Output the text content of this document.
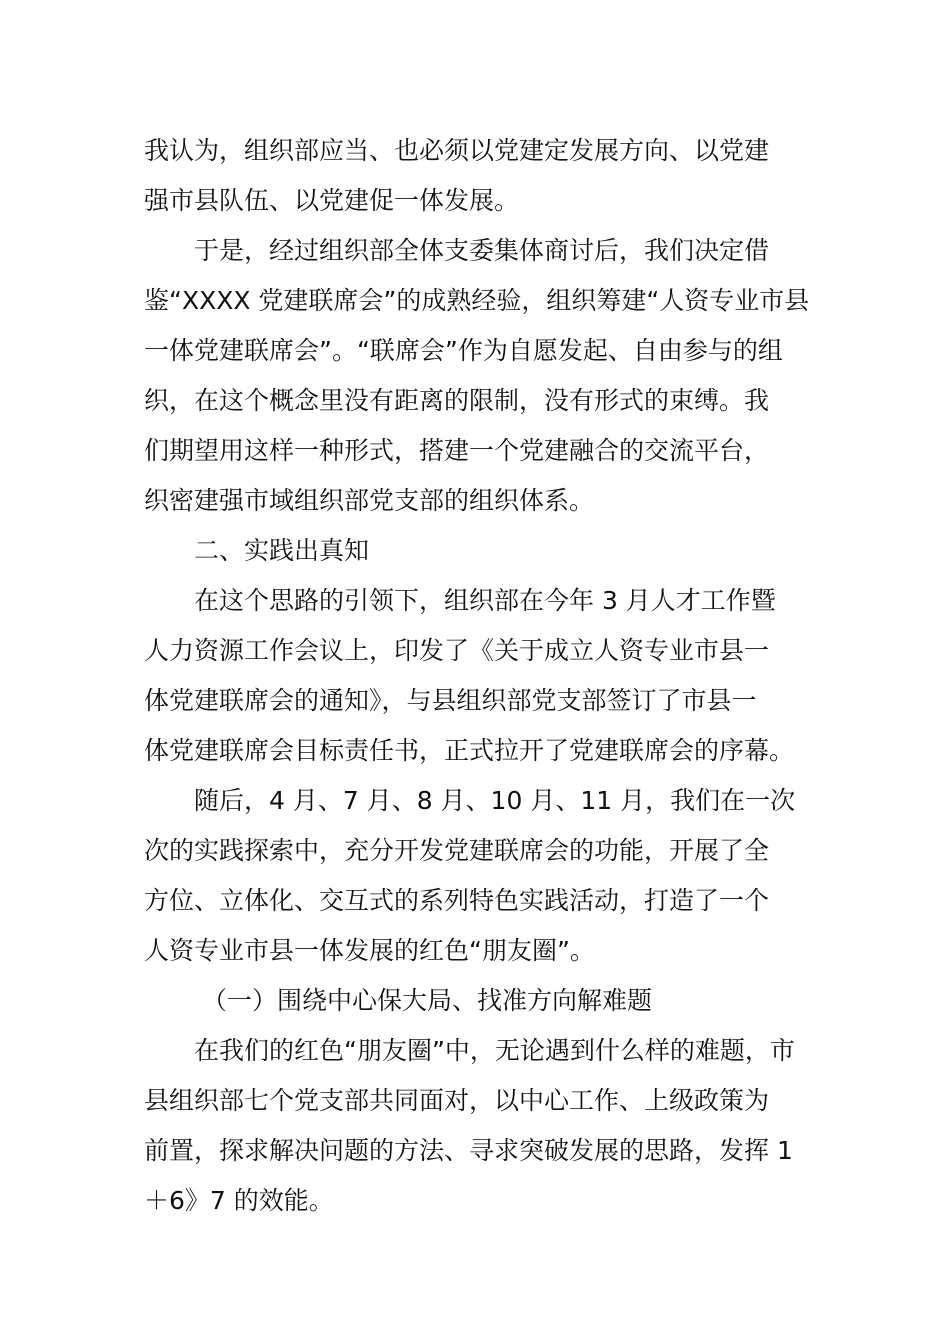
我认为，组织部应当、也必须以党建定发展方向、以党建
强市县队伍、以党建促一体发展。
于是，经过组织部全体支委集体商讨后，我们决定借
鉴“XXXX 党建联席会”的成熟经验，组织筹建“人资专业市县
一体党建联席会”。“联席会”作为自愿发起、自由参与的组
织，在这个概念里没有距离的限制，没有形式的束缚。我
们期望用这样一种形式，搭建一个党建融合的交流平台，
织密建强市域组织部党支部的组织体系。
二、实践出真知
在这个思路的引领下，组织部在今年 3 月人才工作暨
人力资源工作会议上，印发了《关于成立人资专业市县一
体党建联席会的通知》，与县组织部党支部签订了市县一
体党建联席会目标责任书，正式拉开了党建联席会的序幕。
随后，4 月、7 月、8 月、10 月、11 月，我们在一次
次的实践探索中，充分开发党建联席会的功能，开展了全
方位、立体化、交互式的系列特色实践活动，打造了一个
人资专业市县一体发展的红色“朋友圈”。
（一）围绕中心保大局、找准方向解难题
在我们的红色“朋友圈”中，无论遇到什么样的难题，市
县组织部七个党支部共同面对，以中心工作、上级政策为
前置，探求解决问题的方法、寻求突破发展的思路，发挥 1
＋6》7 的效能。
